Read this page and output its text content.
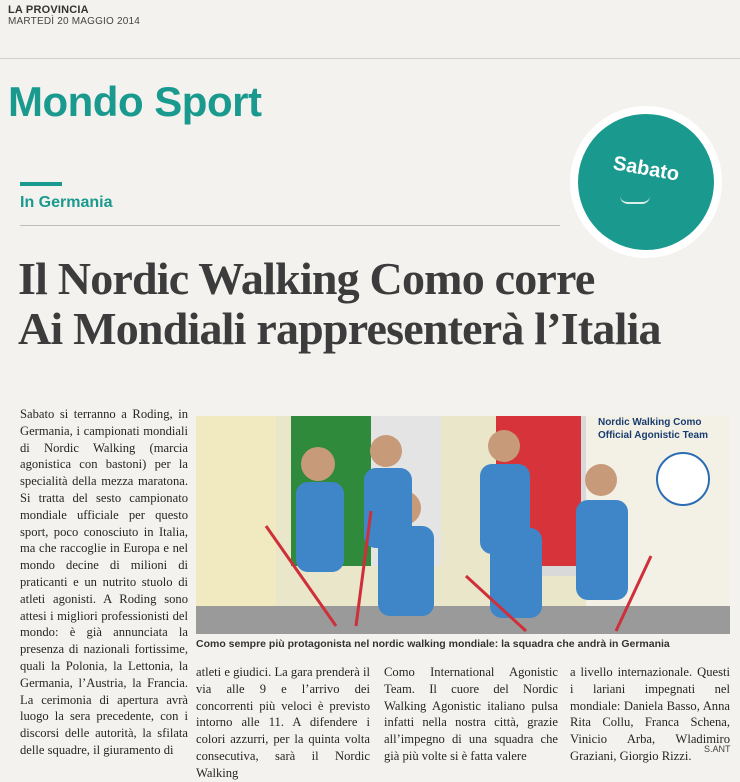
LA PROVINCIA
MARTEDÌ 20 MAGGIO 2014
Mondo Sport
Sabato
In Germania
Il Nordic Walking Como corre
Ai Mondiali rappresenterà l’Italia
Sabato si terranno a Roding, in Germania, i campionati mondiali di Nordic Walking (marcia agonistica con bastoni) per la specialità della mezza maratona. Si tratta del sesto campionato mondiale ufficiale per questo sport, poco conosciuto in Italia, ma che raccoglie in Europa e nel mondo decine di milioni di praticanti e un nutrito stuolo di atleti agonisti. A Roding sono attesi i migliori professionisti del mondo: è già annunciata la presenza di nazionali fortissime, quali la Polonia, la Lettonia, la Germania, l’Austria, la Francia. La cerimonia di apertura avrà luogo la sera precedente, con i discorsi delle autorità, la sfilata delle squadre, il giuramento di
Nordic Walking Como
Official Agonistic Team
Como sempre più protagonista nel nordic walking mondiale: la squadra che andrà in Germania
atleti e giudici. La gara prenderà il via alle 9 e l’arrivo dei concorrenti più veloci è previsto intorno alle 11. A difendere i colori azzurri, per la quinta volta consecutiva, sarà il Nordic Walking
Como International Agonistic Team. Il cuore del Nordic Walking Agonistic italiano pulsa infatti nella nostra città, grazie all’impegno di una squadra che già più volte si è fatta valere
a livello internazionale. Questi i lariani impegnati nel mondiale: Daniela Basso, Anna Rita Collu, Franca Schena, Vinicio Arba, Wladimiro Graziani, Giorgio Rizzi.	S.ANT
